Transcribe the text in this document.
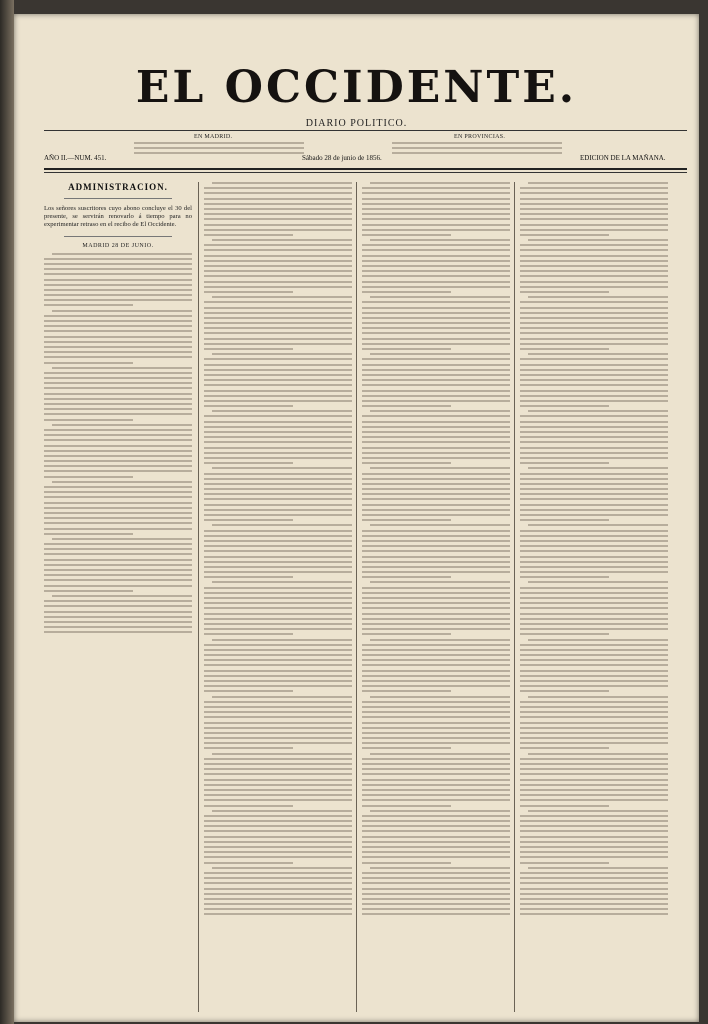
EL OCCIDENTE.
DIARIO POLITICO.
EN MADRID.	EN PROVINCIAS.
AÑO II.—NUM. 451.	Sábado 28 de junio de 1856.	EDICION DE LA MAÑANA.
ADMINISTRACION.

Los señores suscritores cuyo abono concluye el 30 del presente, se servirán renovarlo á tiempo para no experimentar retraso en el recibo de El Occidente.

MADRID 28 DE JUNIO.
